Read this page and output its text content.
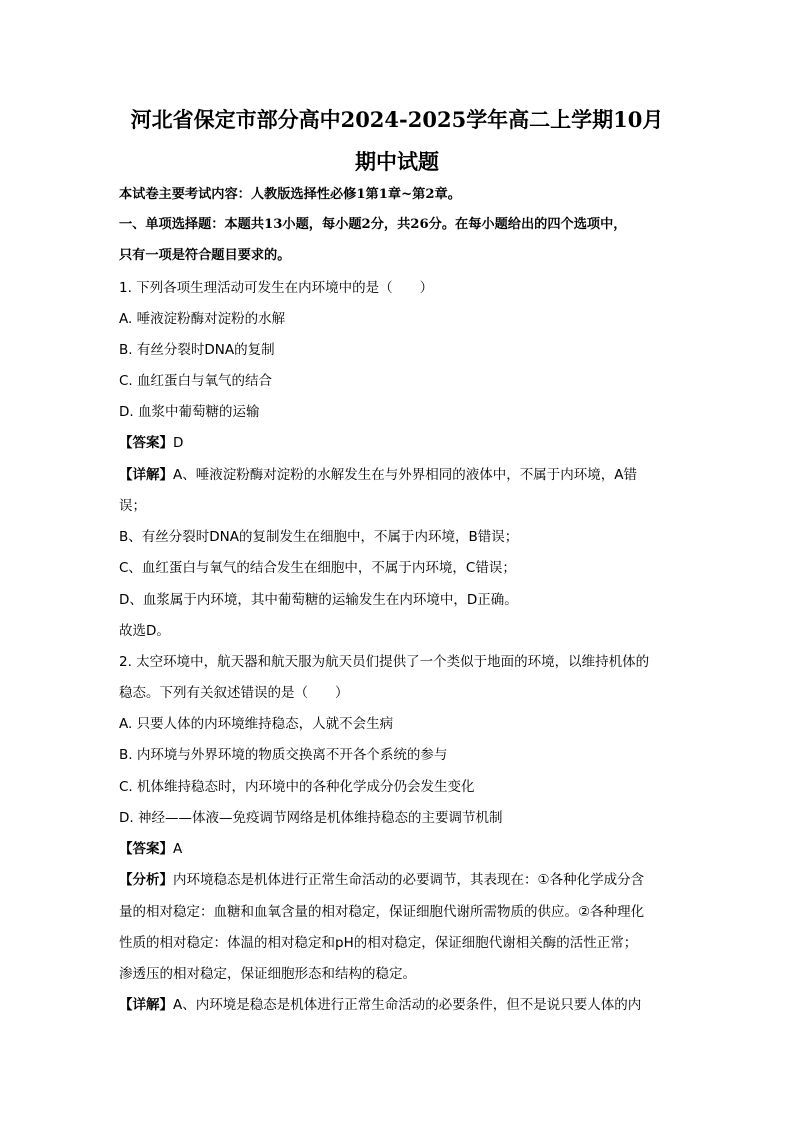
河北省保定市部分高中2024-2025学年高二上学期10月
期中试题
本试卷主要考试内容：人教版选择性必修1第1章~第2章。
一、单项选择题：本题共13小题，每小题2分，共26分。在每小题给出的四个选项中，
只有一项是符合题目要求的。
1. 下列各项生理活动可发生在内环境中的是（　　）
A. 唾液淀粉酶对淀粉的水解
B. 有丝分裂时DNA的复制
C. 血红蛋白与氧气的结合
D. 血浆中葡萄糖的运输
【答案】D
【详解】A、唾液淀粉酶对淀粉的水解发生在与外界相同的液体中，不属于内环境，A错
误；
B、有丝分裂时DNA的复制发生在细胞中，不属于内环境，B错误；
C、血红蛋白与氧气的结合发生在细胞中，不属于内环境，C错误；
D、血浆属于内环境，其中葡萄糖的运输发生在内环境中，D正确。
故选D。
2. 太空环境中，航天器和航天服为航天员们提供了一个类似于地面的环境，以维持机体的
稳态。下列有关叙述错误的是（　　）
A. 只要人体的内环境维持稳态，人就不会生病
B. 内环境与外界环境的物质交换离不开各个系统的参与
C. 机体维持稳态时，内环境中的各种化学成分仍会发生变化
D. 神经——体液—免疫调节网络是机体维持稳态的主要调节机制
【答案】A
【分析】内环境稳态是机体进行正常生命活动的必要调节，其表现在：①各种化学成分含
量的相对稳定：血糖和血氧含量的相对稳定，保证细胞代谢所需物质的供应。②各种理化
性质的相对稳定：体温的相对稳定和pH的相对稳定，保证细胞代谢相关酶的活性正常；
渗透压的相对稳定，保证细胞形态和结构的稳定。
【详解】A、内环境是稳态是机体进行正常生命活动的必要条件，但不是说只要人体的内
